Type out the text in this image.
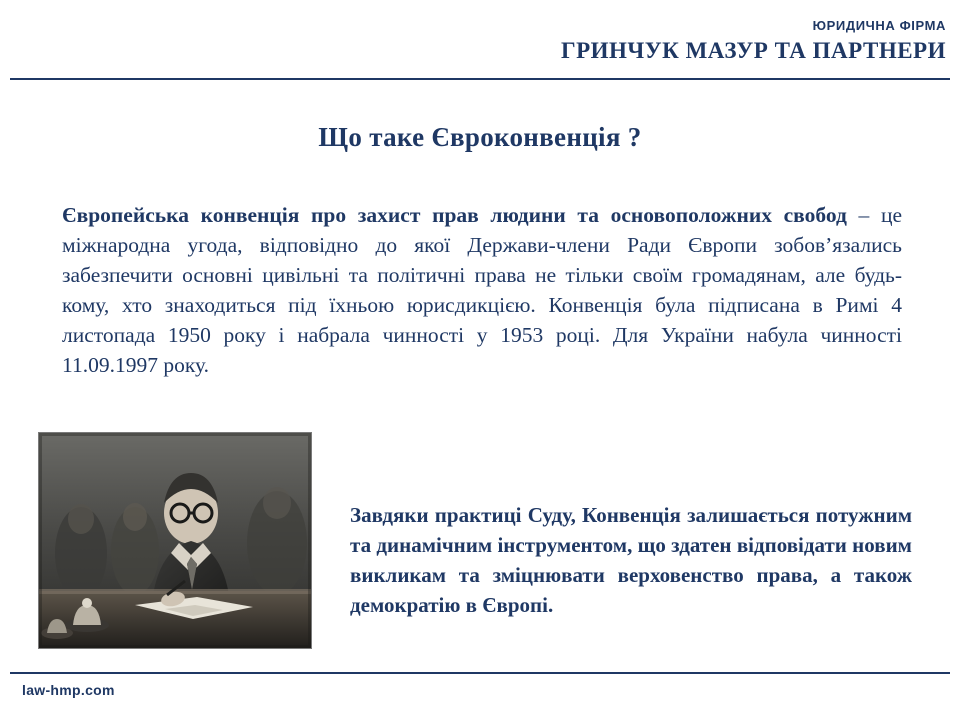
ЮРИДИЧНА ФІРМА
ГРИНЧУК МАЗУР ТА ПАРТНЕРИ
Що таке Євроконвенція ?
Європейська конвенція про захист прав людини та основоположних свобод – це міжнародна угода, відповідно до якої Держави-члени Ради Європи зобов’язались забезпечити основні цивільні та політичні права не тільки своїм громадянам, але будь-кому, хто знаходиться під їхньою юрисдикцією. Конвенція була підписана в Римі 4 листопада 1950 року і набрала чинності у 1953 роцi. Для України набула чинності 11.09.1997 року.
Завдяки практиці Суду, Конвенція залишається потужним та динамічним інструментом, що здатен відповідати новим викликам та зміцнювати верховенство права, а також демократію в Європі.
law-hmp.com
